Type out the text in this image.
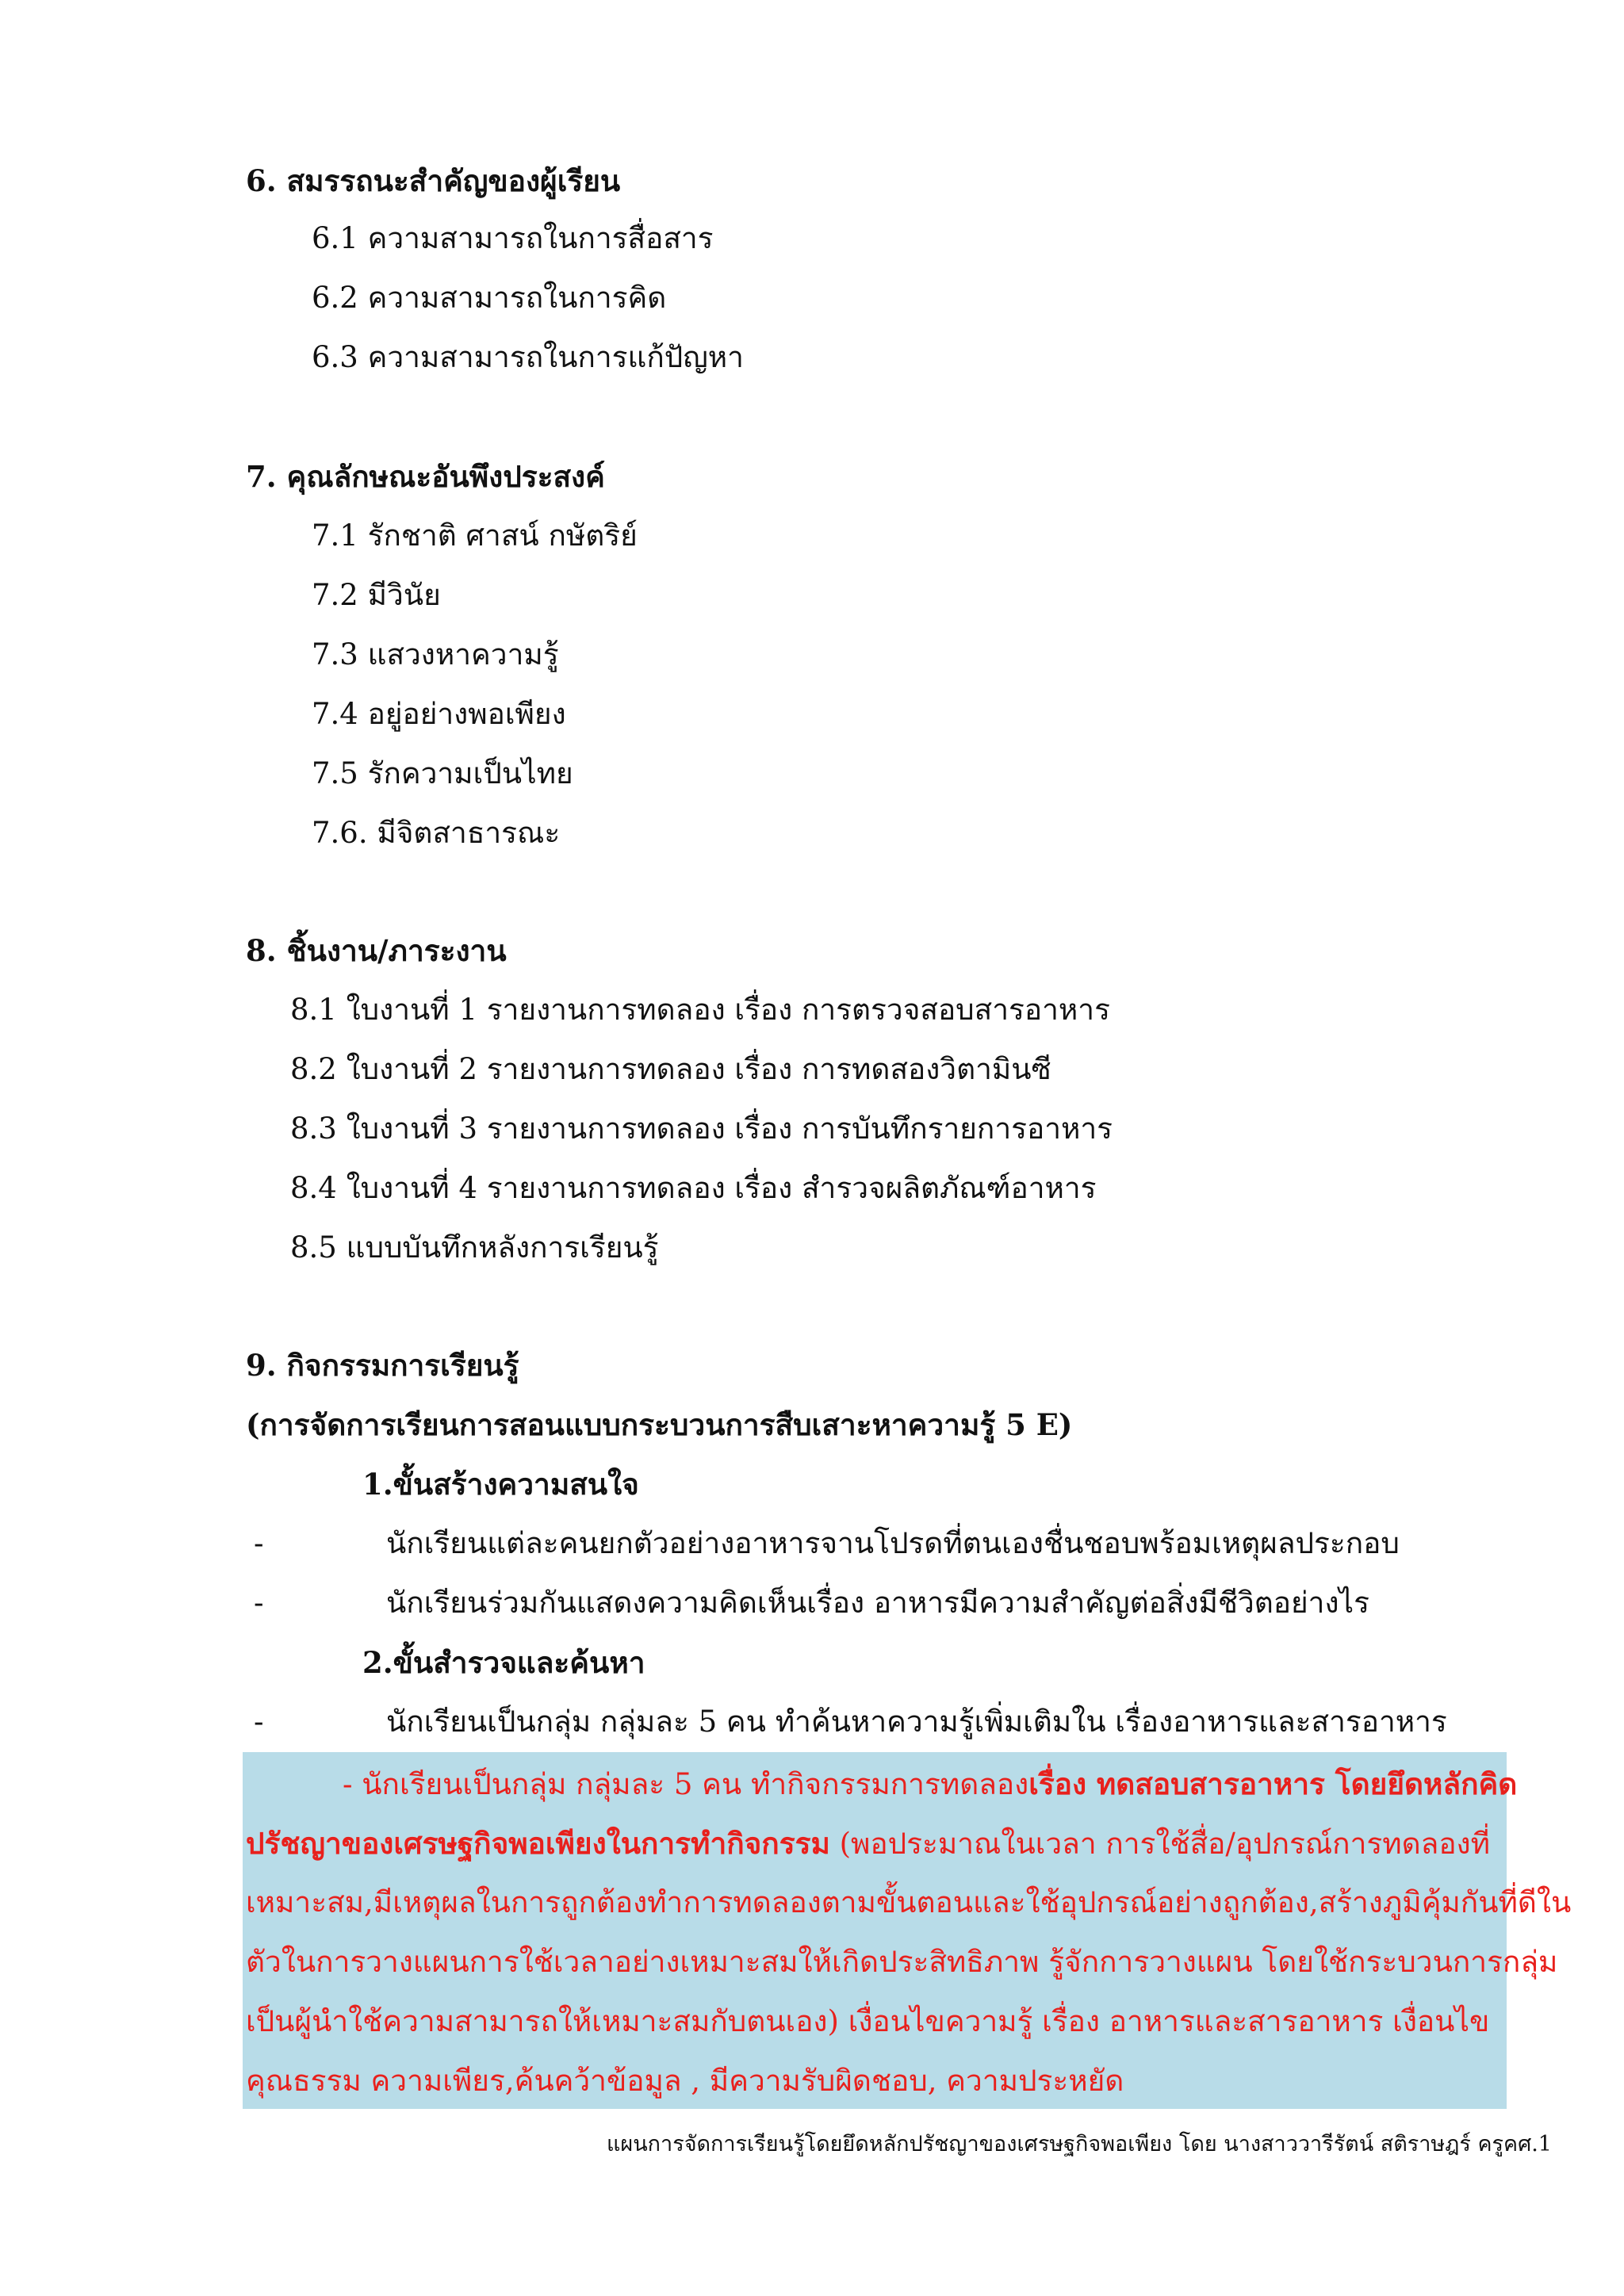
6. สมรรถนะสำคัญของผู้เรียน
6.1 ความสามารถในการสื่อสาร
6.2 ความสามารถในการคิด
6.3 ความสามารถในการแก้ปัญหา
7. คุณลักษณะอันพึงประสงค์
7.1 รักชาติ ศาสน์ กษัตริย์
7.2 มีวินัย
7.3 แสวงหาความรู้
7.4 อยู่อย่างพอเพียง
7.5 รักความเป็นไทย
7.6. มีจิตสาธารณะ
8. ชิ้นงาน/ภาระงาน
8.1 ใบงานที่ 1 รายงานการทดลอง เรื่อง การตรวจสอบสารอาหาร
8.2 ใบงานที่ 2 รายงานการทดลอง เรื่อง การทดสองวิตามินซี
8.3 ใบงานที่ 3 รายงานการทดลอง เรื่อง การบันทึกรายการอาหาร
8.4 ใบงานที่ 4 รายงานการทดลอง เรื่อง สำรวจผลิตภัณฑ์อาหาร
8.5 แบบบันทึกหลังการเรียนรู้
9. กิจกรรมการเรียนรู้
(การจัดการเรียนการสอนแบบกระบวนการสืบเสาะหาความรู้ 5 E)
1.ขั้นสร้างความสนใจ
-	นักเรียนแต่ละคนยกตัวอย่างอาหารจานโปรดที่ตนเองชื่นชอบพร้อมเหตุผลประกอบ
-	นักเรียนร่วมกันแสดงความคิดเห็นเรื่อง อาหารมีความสำคัญต่อสิ่งมีชีวิตอย่างไร
2.ขั้นสำรวจและค้นหา
-	นักเรียนเป็นกลุ่ม กลุ่มละ 5 คน ทำค้นหาความรู้เพิ่มเติมใน เรื่องอาหารและสารอาหาร
- นักเรียนเป็นกลุ่ม กลุ่มละ 5 คน ทำกิจกรรมการทดลองเรื่อง ทดสอบสารอาหาร โดยยึดหลักคิด
ปรัชญาของเศรษฐกิจพอเพียงในการทำกิจกรรม (พอประมาณในเวลา การใช้สื่อ/อุปกรณ์การทดลองที่
เหมาะสม,มีเหตุผลในการถูกต้องทำการทดลองตามขั้นตอนและใช้อุปกรณ์อย่างถูกต้อง,สร้างภูมิคุ้มกันที่ดีใน
ตัวในการวางแผนการใช้เวลาอย่างเหมาะสมให้เกิดประสิทธิภาพ รู้จักการวางแผน โดยใช้กระบวนการกลุ่ม
เป็นผู้นำใช้ความสามารถให้เหมาะสมกับตนเอง) เงื่อนไขความรู้ เรื่อง อาหารและสารอาหาร เงื่อนไข
คุณธรรม ความเพียร,ค้นคว้าข้อมูล , มีความรับผิดชอบ, ความประหยัด
แผนการจัดการเรียนรู้โดยยึดหลักปรัชญาของเศรษฐกิจพอเพียง โดย นางสาววารีรัตน์ สติราษฎร์ ครูคศ.1
